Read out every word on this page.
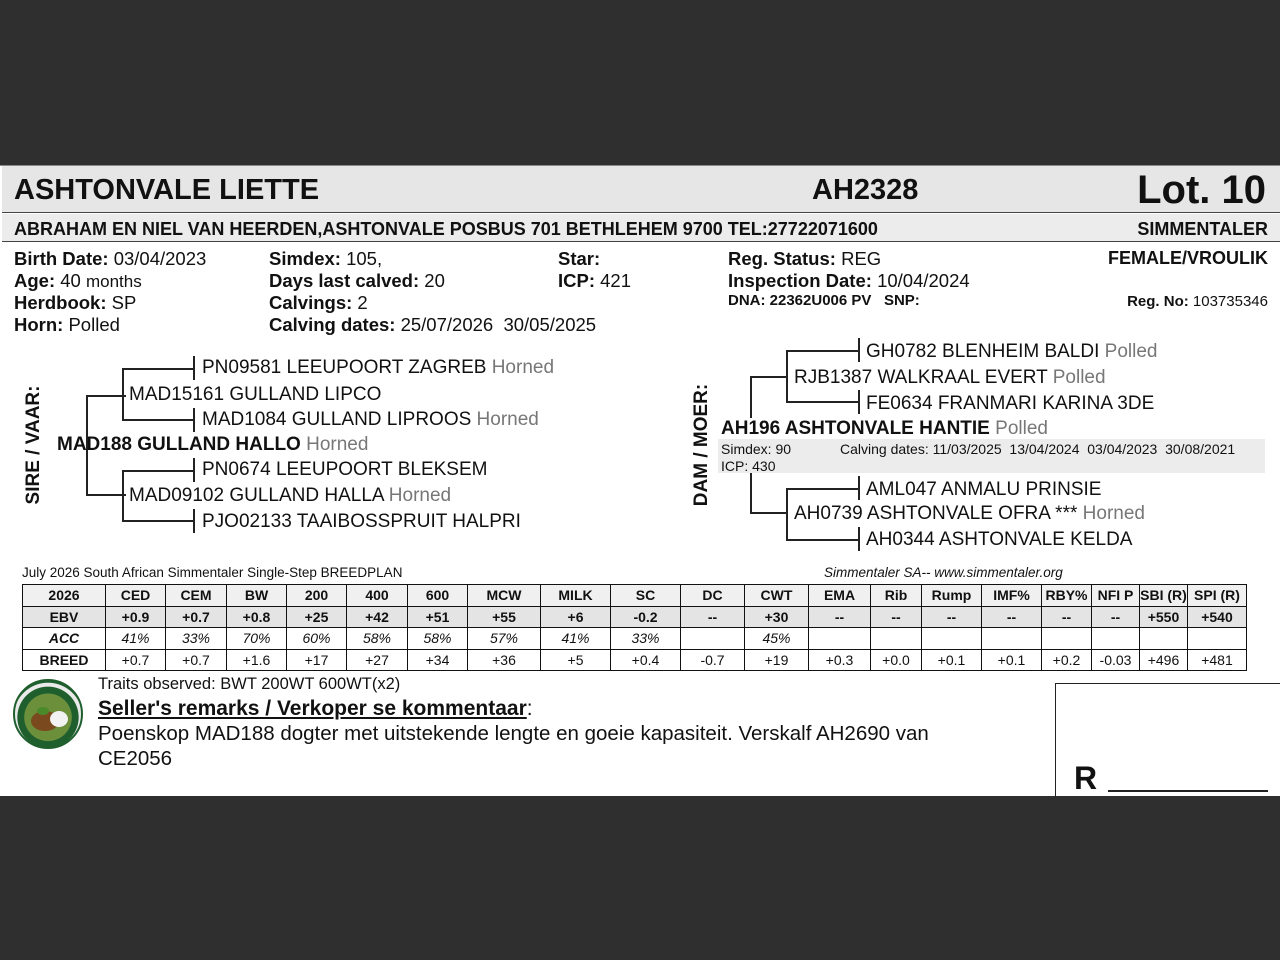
ASHTONVALE LIETTE	AH2328	Lot. 10
ABRAHAM EN NIEL VAN HEERDEN,ASHTONVALE POSBUS 701 BETHLEHEM 9700 TEL:27722071600	SIMMENTALER
Birth Date: 03/04/2023
Age: 40 months
Herdbook: SP
Horn: Polled
Simdex: 105,
Days last calved: 20
Calvings: 2
Calving dates: 25/07/2026  30/05/2025
Star:
ICP: 421
Reg. Status: REG
Inspection Date: 10/04/2024
DNA: 22362U006 PV SNP:
FEMALE/VROULIK
Reg. No: 103735346
SIRE / VAAR:
PN09581 LEEUPOORT ZAGREB Horned
MAD15161 GULLAND LIPCO
MAD1084 GULLAND LIPROOS Horned
MAD188 GULLAND HALLO Horned
PN0674 LEEUPOORT BLEKSEM
MAD09102 GULLAND HALLA Horned
PJO02133 TAAIBOSSPRUIT HALPRI
DAM / MOER:
GH0782 BLENHEIM BALDI Polled
RJB1387 WALKRAAL EVERT Polled
FE0634 FRANMARI KARINA 3DE
AH196 ASHTONVALE HANTIE Polled
Simdex: 90	Calving dates: 11/03/2025  13/04/2024  03/04/2023  30/08/2021
ICP: 430
AML047 ANMALU PRINSIE
AH0739 ASHTONVALE OFRA *** Horned
AH0344 ASHTONVALE KELDA
July 2026 South African Simmentaler Single-Step BREEDPLAN	Simmentaler SA-- www.simmentaler.org
2026	CED	CEM	BW	200	400	600	MCW	MILK	SC	DC	CWT	EMA	Rib	Rump	IMF%	RBY%	NFI P	SBI (R)	SPI (R)
EBV	+0.9	+0.7	+0.8	+25	+42	+51	+55	+6	-0.2	--	+30	--	--	--	--	--	--	+550	+540
ACC	41%	33%	70%	60%	58%	58%	57%	41%	33%		45%								
BREED	+0.7	+0.7	+1.6	+17	+27	+34	+36	+5	+0.4	-0.7	+19	+0.3	+0.0	+0.1	+0.1	+0.2	-0.03	+496	+481
Traits observed: BWT 200WT 600WT(x2)
Seller's remarks / Verkoper se kommentaar:
Poenskop MAD188 dogter met uitstekende lengte en goeie kapasiteit. Verskalf AH2690 van
CE2056
R
